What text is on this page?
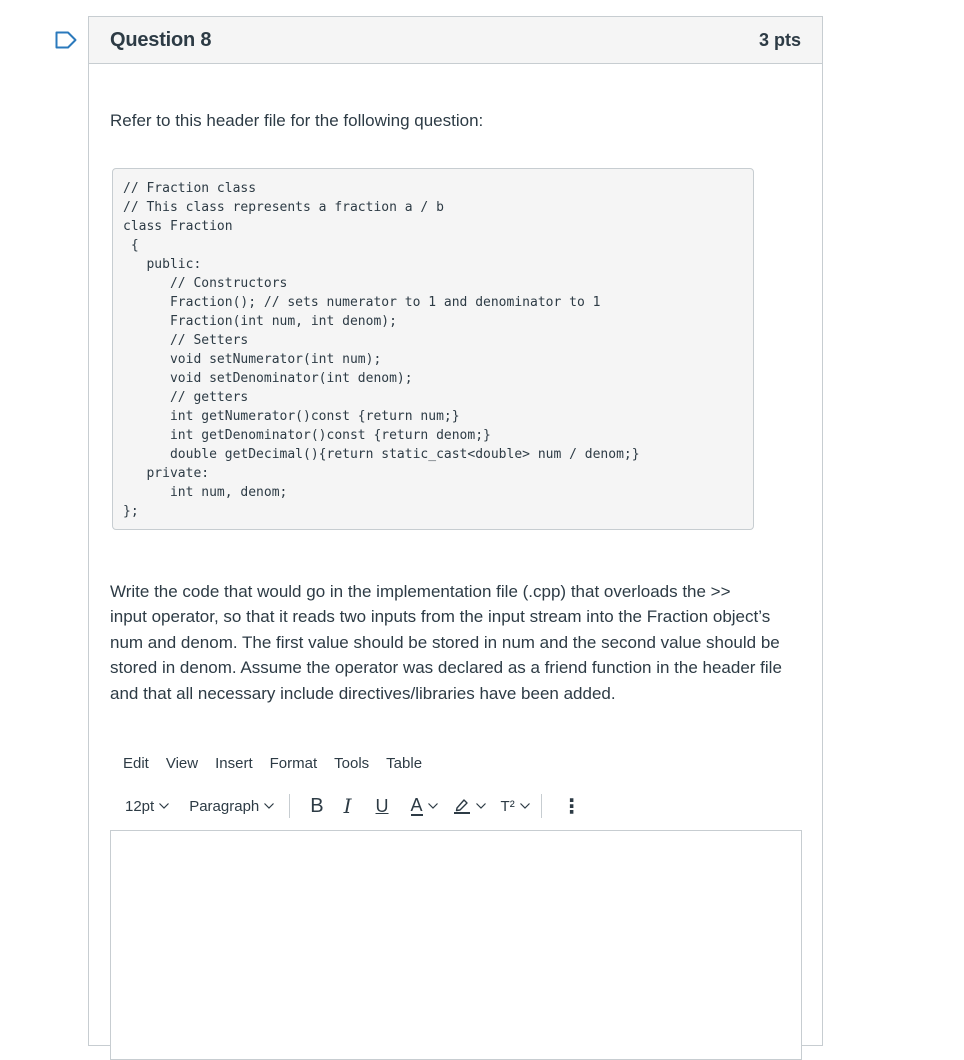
Question 8	3 pts
Refer to this header file for the following question:
// Fraction class
// This class represents a fraction a / b
class Fraction
{
public:
// Constructors
Fraction(); // sets numerator to 1 and denominator to 1
Fraction(int num, int denom);
// Setters
void setNumerator(int num);
void setDenominator(int denom);
// getters
int getNumerator()const {return num;}
int getDenominator()const {return denom;}
double getDecimal(){return static_cast<double> num / denom;}
private:
int num, denom;
};
Write the code that would go in the implementation file (.cpp) that overloads the >>
input operator, so that it reads two inputs from the input stream into the Fraction object’s
num and denom. The first value should be stored in num and the second value should be
stored in denom. Assume the operator was declared as a friend function in the header file
and that all necessary include directives/libraries have been added.
Edit View Insert Format Tools Table
12pt Paragraph	B I U A	T² ⋮
